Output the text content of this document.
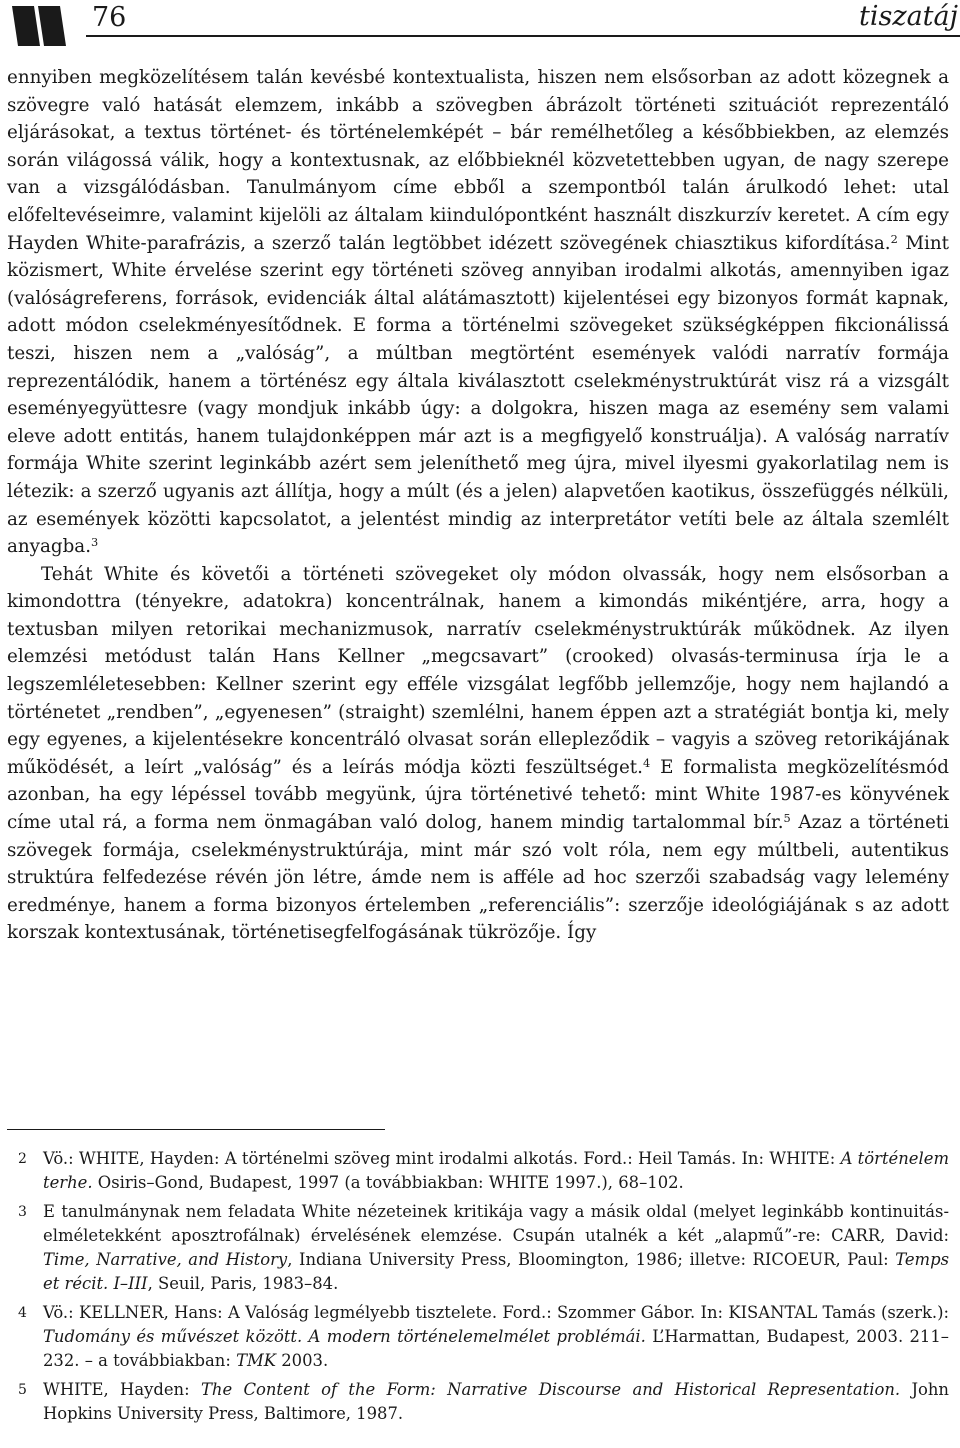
76	tiszatáj

ennyiben megközelítésem talán kevésbé kontextualista, hiszen nem elsősorban az adott közegnek a szövegre való hatását elemzem, inkább a szövegben ábrázolt történeti szituációt reprezentáló eljárásokat, a textus történet- és történelemképét – bár remélhetőleg a későbbiekben, az elemzés során világossá válik, hogy a kontextusnak, az előbbieknél közvetettebben ugyan, de nagy szerepe van a vizsgálódásban. Tanulmányom címe ebből a szempontból talán árulkodó lehet: utal előfeltevéseimre, valamint kijelöli az általam kiindulópontként használt diszkurzív keretet. A cím egy Hayden White-parafrázis, a szerző talán legtöbbet idézett szövegének chiasztikus kifordítása.$^2$ Mint közismert, White érvelése szerint egy történeti szöveg annyiban irodalmi alkotás, amennyiben igaz (valóságreferens, források, evidenciák által alátámasztott) kijelentései egy bizonyos formát kapnak, adott módon cselekményesítődnek. E forma a történelmi szövegeket szükségképpen fikcionálissá teszi, hiszen nem a „valóság”, a múltban megtörtént események valódi narratív formája reprezentálódik, hanem a történész egy általa kiválasztott cselekménystruktúrát visz rá a vizsgált eseményegyüttesre (vagy mondjuk inkább úgy: a dolgokra, hiszen maga az esemény sem valami eleve adott entitás, hanem tulajdonképpen már azt is a megfigyelő konstruálja). A valóság narratív formája White szerint leginkább azért sem jeleníthető meg újra, mivel ilyesmi gyakorlatilag nem is létezik: a szerző ugyanis azt állítja, hogy a múlt (és a jelen) alapvetően kaotikus, összefüggés nélküli, az események közötti kapcsolatot, a jelentést mindig az interpretátor vetíti bele az általa szemlélt anyagba.$^3$

Tehát White és követői a történeti szövegeket oly módon olvassák, hogy nem elsősorban a kimondottra (tényekre, adatokra) koncentrálnak, hanem a kimondás mikéntjére, arra, hogy a textusban milyen retorikai mechanizmusok, narratív cselekménystruktúrák működnek. Az ilyen elemzési metódust talán Hans Kellner „megcsavart” (crooked) olvasás-terminusa írja le a legszemléletesebben: Kellner szerint egy efféle vizsgálat legfőbb jellemzője, hogy nem hajlandó a történetet „rendben”, „egyenesen” (straight) szemlélni, hanem éppen azt a stratégiát bontja ki, mely egy egyenes, a kijelentésekre koncentráló olvasat során ellepleződik – vagyis a szöveg retorikájának működését, a leírt „valóság” és a leírás módja közti feszültséget.$^4$ E formalista megközelítésmód azonban, ha egy lépéssel tovább megyünk, újra történetivé tehető: mint White 1987-es könyvének címe utal rá, a forma nem önmagában való dolog, hanem mindig tartalommal bír.$^5$ Azaz a történeti szövegek formája, cselekménystruktúrája, mint már szó volt róla, nem egy múltbeli, autentikus struktúra felfedezése révén jön létre, ámde nem is afféle ad hoc szerzői szabadság vagy lelemény eredménye, hanem a forma bizonyos értelemben „referenciális”: szerzője ideológiájának s az adott korszak kontextusának, történetisegfelfogásának tükrözője. Így

2 Vö.: WHITE, Hayden: A történelmi szöveg mint irodalmi alkotás. Ford.: Heil Tamás. In: WHITE: A történelem terhe. Osiris–Gond, Budapest, 1997 (a továbbiakban: WHITE 1997.), 68–102.
3 E tanulmánynak nem feladata White nézeteinek kritikája vagy a másik oldal (melyet leginkább kontinuitás-elméletekként aposztrofálnak) érvelésének elemzése. Csupán utalnék a két „alapmű”-re: CARR, David: Time, Narrative, and History, Indiana University Press, Bloomington, 1986; illetve: RICOEUR, Paul: Temps et récit. I–III, Seuil, Paris, 1983–84.
4 Vö.: KELLNER, Hans: A Valóság legmélyebb tisztelete. Ford.: Szommer Gábor. In: KISANTAL Tamás (szerk.): Tudomány és művészet között. A modern történelemelmélet problémái. L’Harmattan, Budapest, 2003. 211–232. – a továbbiakban: TMK 2003.
5 WHITE, Hayden: The Content of the Form: Narrative Discourse and Historical Representation. John Hopkins University Press, Baltimore, 1987.
